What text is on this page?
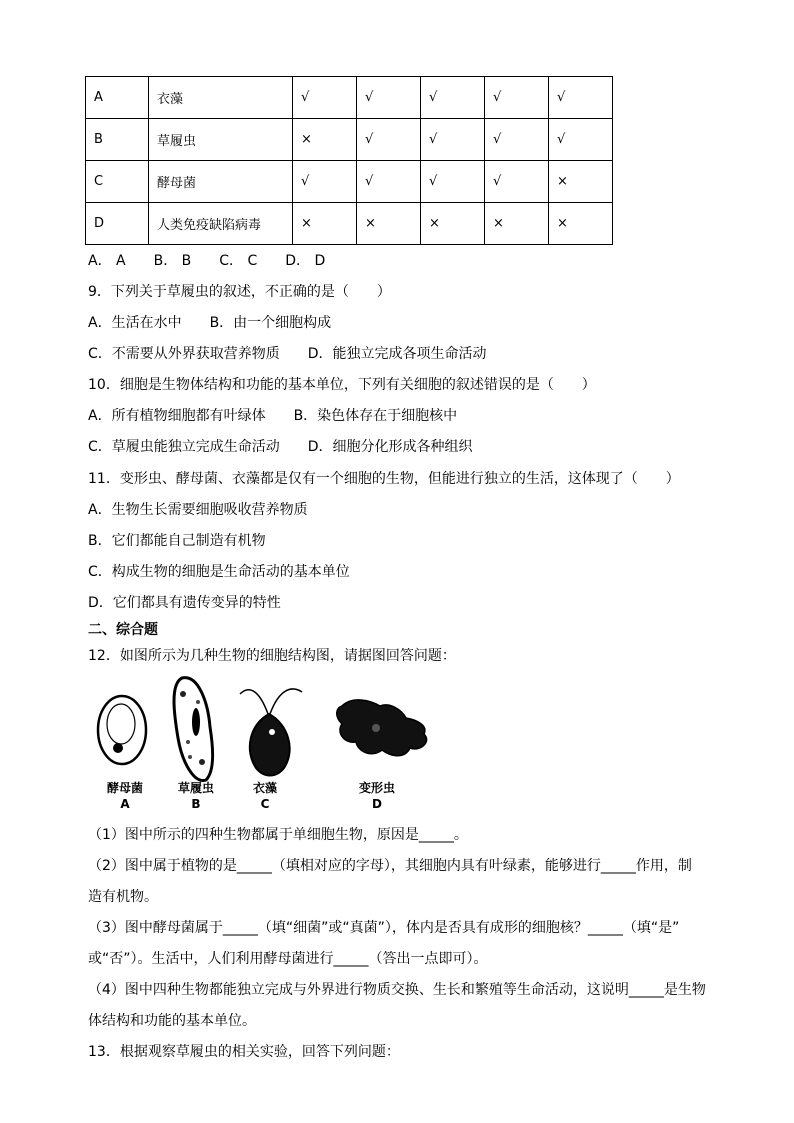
A	衣藻	√	√	√	√	√
B	草履虫	×	√	√	√	√
C	酵母菌	√	√	√	√	×
D	人类免疫缺陷病毒	×	×	×	×	×
A． A　　B． B　　C． C　　D． D
9．下列关于草履虫的叙述，不正确的是（　　）
A．生活在水中　　B．由一个细胞构成
C．不需要从外界获取营养物质　　D．能独立完成各项生命活动
10．细胞是生物体结构和功能的基本单位，下列有关细胞的叙述错误的是（　　）
A．所有植物细胞都有叶绿体　　B．染色体存在于细胞核中
C．草履虫能独立完成生命活动　　D．细胞分化形成各种组织
11．变形虫、酵母菌、衣藻都是仅有一个细胞的生物，但能进行独立的生活，这体现了（　　）
A．生物生长需要细胞吸收营养物质
B．它们都能自己制造有机物
C．构成生物的细胞是生命活动的基本单位
D．它们都具有遗传变异的特性
二、综合题
12．如图所示为几种生物的细胞结构图，请据图回答问题：
酵母菌
A
草履虫
B
衣藻
C
变形虫
D
（1）图中所示的四种生物都属于单细胞生物，原因是_____。
（2）图中属于植物的是_____（填相对应的字母），其细胞内具有叶绿素，能够进行_____作用，制
造有机物。
（3）图中酵母菌属于_____（填“细菌”或“真菌”），体内是否具有成形的细胞核？_____（填“是”
或“否”）。生活中，人们利用酵母菌进行_____（答出一点即可）。
（4）图中四种生物都能独立完成与外界进行物质交换、生长和繁殖等生命活动，这说明_____是生物
体结构和功能的基本单位。
13．根据观察草履虫的相关实验，回答下列问题：
